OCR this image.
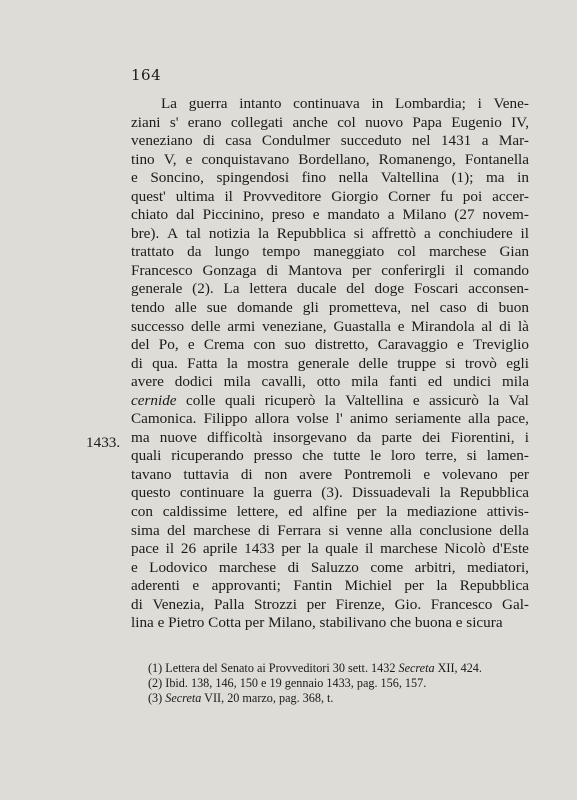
164
1433.
La guerra intanto continuava in Lombardia; i Vene-
ziani s' erano collegati anche col nuovo Papa Eugenio IV,
veneziano di casa Condulmer succeduto nel 1431 a Mar-
tino V, e conquistavano Bordellano, Romanengo, Fontanella
e Soncino, spingendosi fino nella Valtellina (1); ma in
quest' ultima il Provveditore Giorgio Corner fu poi accer-
chiato dal Piccinino, preso e mandato a Milano (27 novem-
bre). A tal notizia la Repubblica si affrettò a conchiudere il
trattato da lungo tempo maneggiato col marchese Gian
Francesco Gonzaga di Mantova per conferirgli il comando
generale (2). La lettera ducale del doge Foscari acconsen-
tendo alle sue domande gli prometteva, nel caso di buon
successo delle armi veneziane, Guastalla e Mirandola al di là
del Po, e Crema con suo distretto, Caravaggio e Treviglio
di qua. Fatta la mostra generale delle truppe si trovò egli
avere dodici mila cavalli, otto mila fanti ed undici mila
cernide colle quali ricuperò la Valtellina e assicurò la Val
Camonica. Filippo allora volse l' animo seriamente alla pace,
ma nuove difficoltà insorgevano da parte dei Fiorentini, i
quali ricuperando presso che tutte le loro terre, si lamen-
tavano tuttavia di non avere Pontremoli e volevano per
questo continuare la guerra (3). Dissuadevali la Repubblica
con caldissime lettere, ed alfine per la mediazione attivis-
sima del marchese di Ferrara si venne alla conclusione della
pace il 26 aprile 1433 per la quale il marchese Nicolò d'Este
e Lodovico marchese di Saluzzo come arbitri, mediatori,
aderenti e approvanti; Fantin Michiel per la Repubblica
di Venezia, Palla Strozzi per Firenze, Gio. Francesco Gal-
lina e Pietro Cotta per Milano, stabilivano che buona e sicura
(1) Lettera del Senato ai Provveditori 30 sett. 1432 Secreta XII, 424.
(2) Ibid. 138, 146, 150 e 19 gennaio 1433, pag. 156, 157.
(3) Secreta VII, 20 marzo, pag. 368, t.
